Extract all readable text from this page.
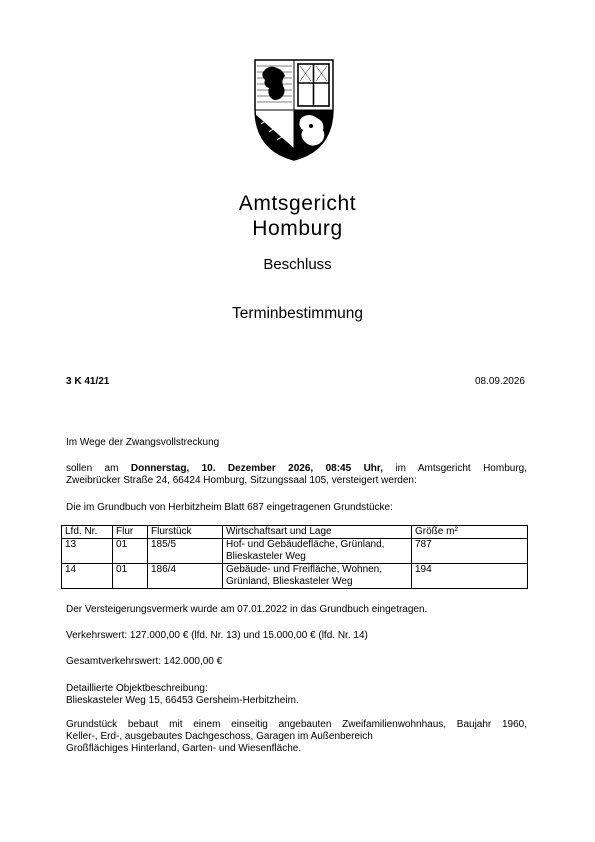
Amtsgericht
Homburg
Beschluss
Terminbestimmung
3 K 41/21	08.09.2026

Im Wege der Zwangsvollstreckung

sollen am Donnerstag, 10. Dezember 2026, 08:45 Uhr, im Amtsgericht Homburg,

Zweibrücker Straße 24, 66424 Homburg, Sitzungssaal 105, versteigert werden:

Die im Grundbuch von Herbitzheim Blatt 687 eingetragenen Grundstücke:

Lfd. Nr.	Flur	Flurstück	Wirtschaftsart und Lage	Größe m²
13	01	185/5	Hof- und Gebäudefläche, Grünland, Blieskasteler Weg	787
14	01	186/4	Gebäude- und Freifläche, Wohnen, Grünland, Blieskasteler Weg	194

Der Versteigerungsvermerk wurde am 07.01.2022 in das Grundbuch eingetragen.

Verkehrswert: 127.000,00 € (lfd. Nr. 13) und 15.000,00 € (lfd. Nr. 14)

Gesamtverkehrswert: 142.000,00 €

Detaillierte Objektbeschreibung:

Blieskasteler Weg 15, 66453 Gersheim-Herbitzheim.

Grundstück bebaut mit einem einseitig angebauten Zweifamilienwohnhaus, Baujahr 1960,

Keller-, Erd-, ausgebautes Dachgeschoss, Garagen im Außenbereich

Großflächiges Hinterland, Garten- und Wiesenfläche.
